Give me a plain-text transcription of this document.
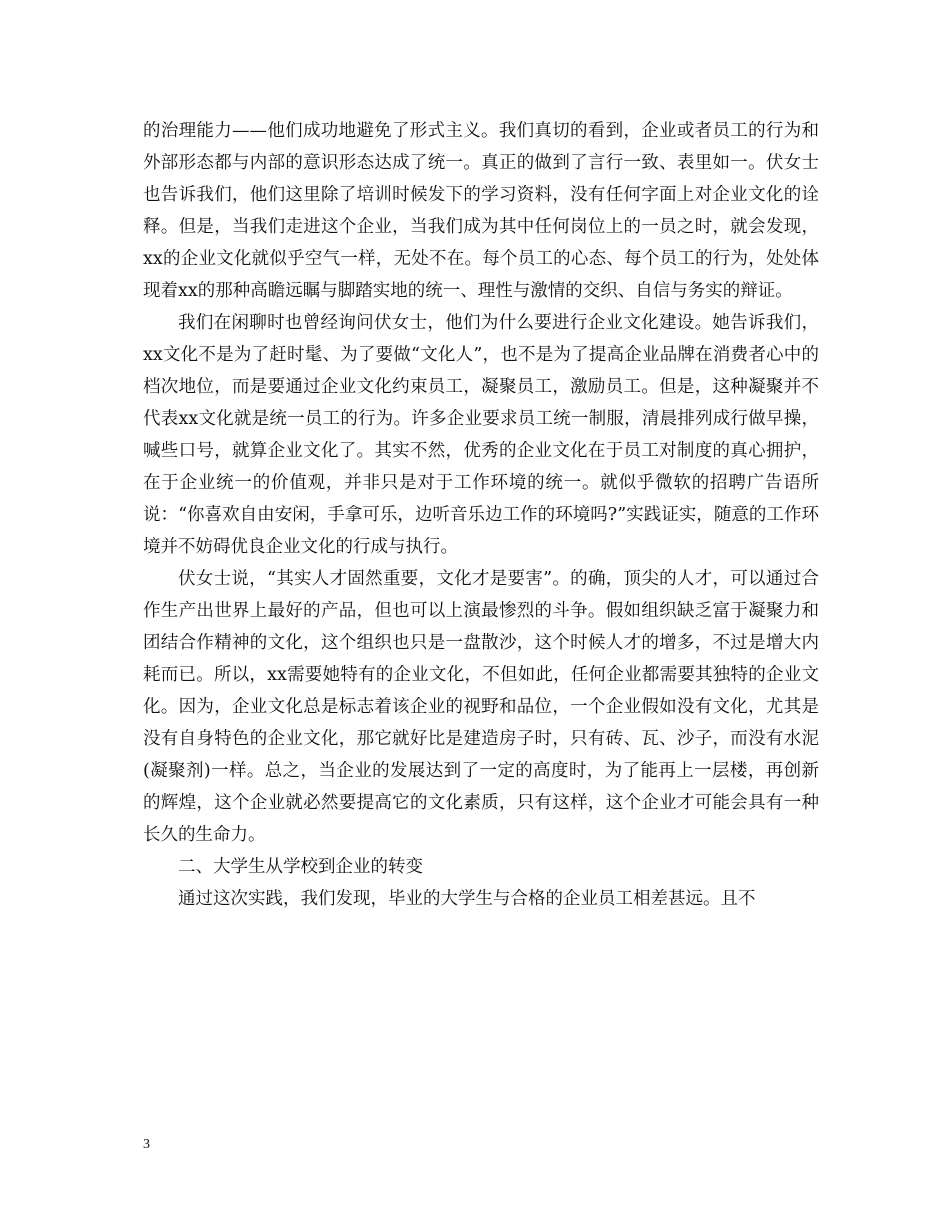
的治理能力——他们成功地避免了形式主义。我们真切的看到，企业或者员工的行为和外部形态都与内部的意识形态达成了统一。真正的做到了言行一致、表里如一。伏女士也告诉我们，他们这里除了培训时候发下的学习资料，没有任何字面上对企业文化的诠释。但是，当我们走进这个企业，当我们成为其中任何岗位上的一员之时，就会发现，xx的企业文化就似乎空气一样，无处不在。每个员工的心态、每个员工的行为，处处体现着xx的那种高瞻远瞩与脚踏实地的统一、理性与激情的交织、自信与务实的辩证。

我们在闲聊时也曾经询问伏女士，他们为什么要进行企业文化建设。她告诉我们，xx文化不是为了赶时髦、为了要做“文化人”，也不是为了提高企业品牌在消费者心中的档次地位，而是要通过企业文化约束员工，凝聚员工，激励员工。但是，这种凝聚并不代表xx文化就是统一员工的行为。许多企业要求员工统一制服，清晨排列成行做早操，喊些口号，就算企业文化了。其实不然，优秀的企业文化在于员工对制度的真心拥护，在于企业统一的价值观，并非只是对于工作环境的统一。就似乎微软的招聘广告语所说：“你喜欢自由安闲，手拿可乐，边听音乐边工作的环境吗?”实践证实，随意的工作环境并不妨碍优良企业文化的行成与执行。

伏女士说，“其实人才固然重要，文化才是要害”。的确，顶尖的人才，可以通过合作生产出世界上最好的产品，但也可以上演最惨烈的斗争。假如组织缺乏富于凝聚力和团结合作精神的文化，这个组织也只是一盘散沙，这个时候人才的增多，不过是增大内耗而已。所以，xx需要她特有的企业文化，不但如此，任何企业都需要其独特的企业文化。因为，企业文化总是标志着该企业的视野和品位，一个企业假如没有文化，尤其是没有自身特色的企业文化，那它就好比是建造房子时，只有砖、瓦、沙子，而没有水泥(凝聚剂)一样。总之，当企业的发展达到了一定的高度时，为了能再上一层楼，再创新的辉煌，这个企业就必然要提高它的文化素质，只有这样，这个企业才可能会具有一种长久的生命力。

二、大学生从学校到企业的转变

通过这次实践，我们发现，毕业的大学生与合格的企业员工相差甚远。且不

3
